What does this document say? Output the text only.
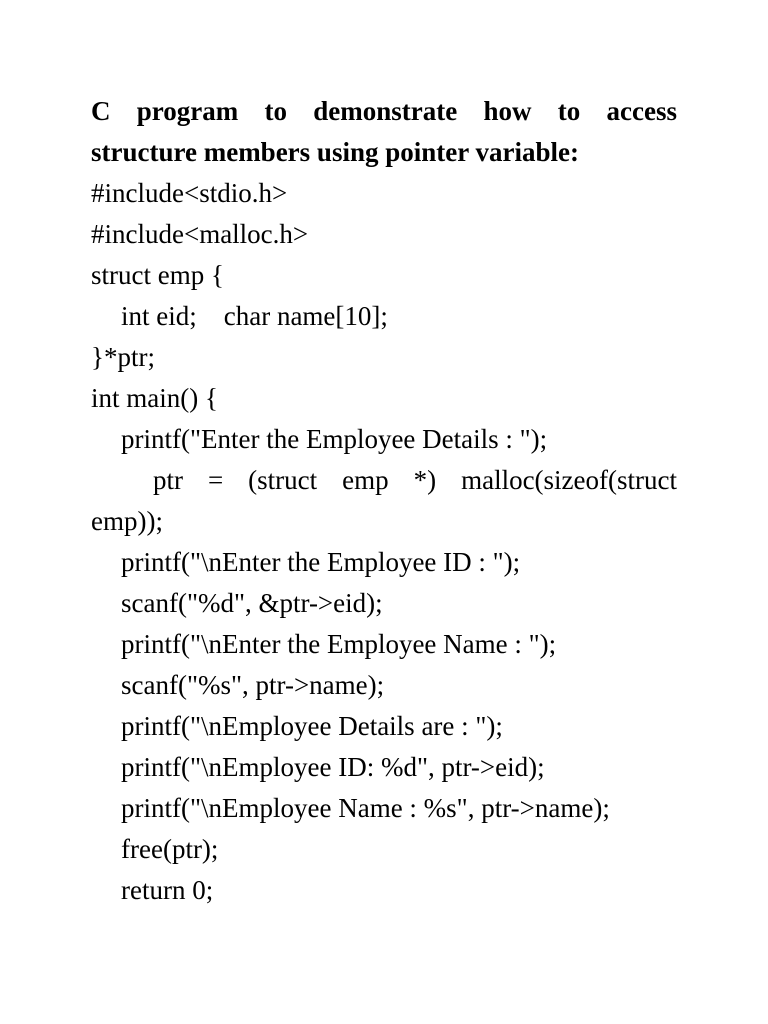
C program to demonstrate how to access
structure members using pointer variable:
#include<stdio.h>
#include<malloc.h>
struct emp {
int eid;    char name[10];
}*ptr;
int main() {
printf("Enter the Employee Details : ");
ptr = (struct emp *) malloc(sizeof(struct
emp));
printf("\nEnter the Employee ID : ");
scanf("%d", &ptr->eid);
printf("\nEnter the Employee Name : ");
scanf("%s", ptr->name);
printf("\nEmployee Details are : ");
printf("\nEmployee ID: %d", ptr->eid);
printf("\nEmployee Name : %s", ptr->name);
free(ptr);
return 0;
